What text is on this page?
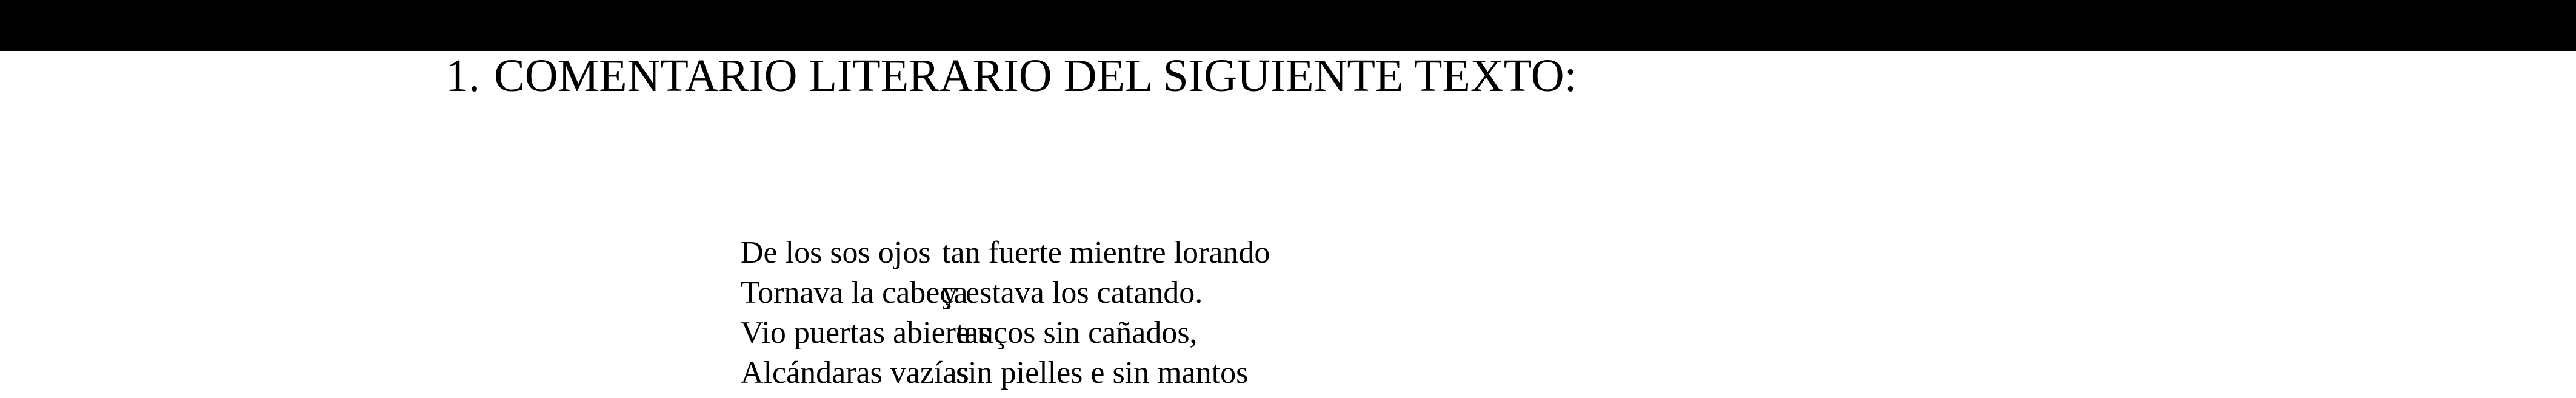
1. COMENTARIO LITERARIO DEL SIGUIENTE TEXTO:
De los sos ojos tan fuerte mientre lorando
Tornava la cabeça
y estava los catando.
Vio puertas abiertas
e uços sin cañados,
Alcándaras vazías
sin pielles e sin mantos
